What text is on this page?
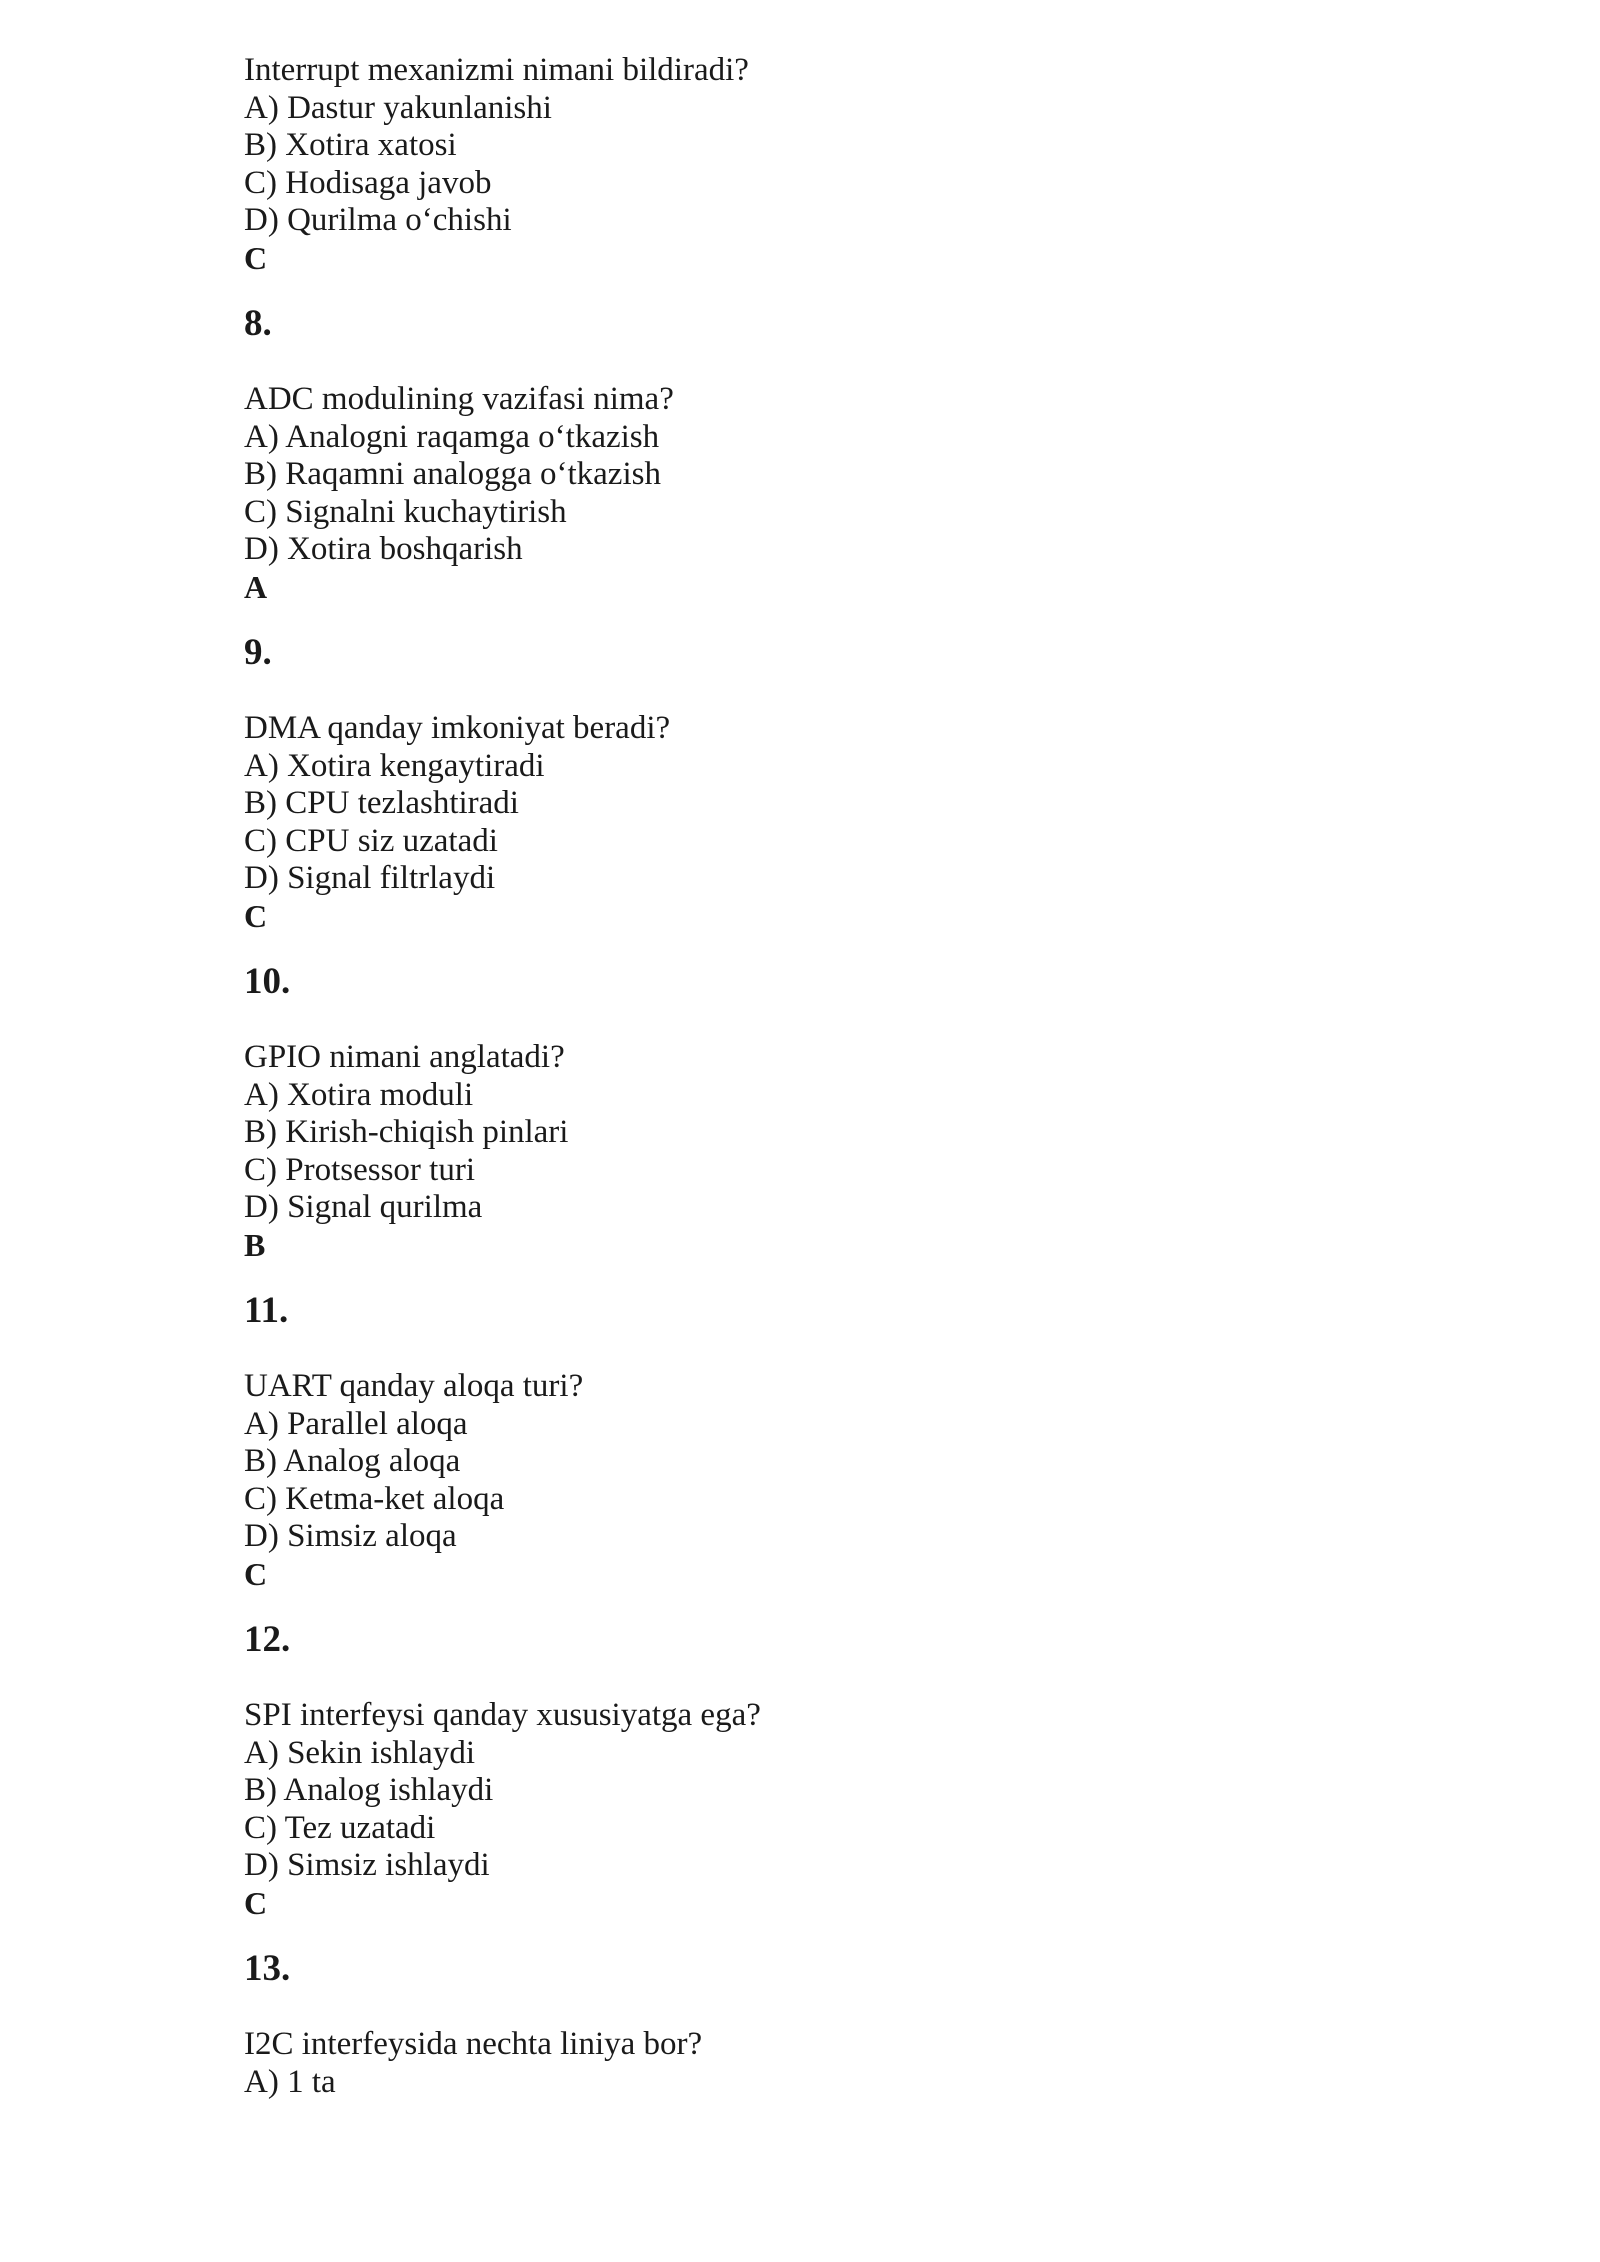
Interrupt mexanizmi nimani bildiradi?
A) Dastur yakunlanishi
B) Xotira xatosi
C) Hodisaga javob
D) Qurilma oʻchishi
C
8.
ADC modulining vazifasi nima?
A) Analogni raqamga oʻtkazish
B) Raqamni analogga oʻtkazish
C) Signalni kuchaytirish
D) Xotira boshqarish
A
9.
DMA qanday imkoniyat beradi?
A) Xotira kengaytiradi
B) CPU tezlashtiradi
C) CPU siz uzatadi
D) Signal filtrlaydi
C
10.
GPIO nimani anglatadi?
A) Xotira moduli
B) Kirish-chiqish pinlari
C) Protsessor turi
D) Signal qurilma
B
11.
UART qanday aloqa turi?
A) Parallel aloqa
B) Analog aloqa
C) Ketma-ket aloqa
D) Simsiz aloqa
C
12.
SPI interfeysi qanday xususiyatga ega?
A) Sekin ishlaydi
B) Analog ishlaydi
C) Tez uzatadi
D) Simsiz ishlaydi
C
13.
I2C interfeysida nechta liniya bor?
A) 1 ta
